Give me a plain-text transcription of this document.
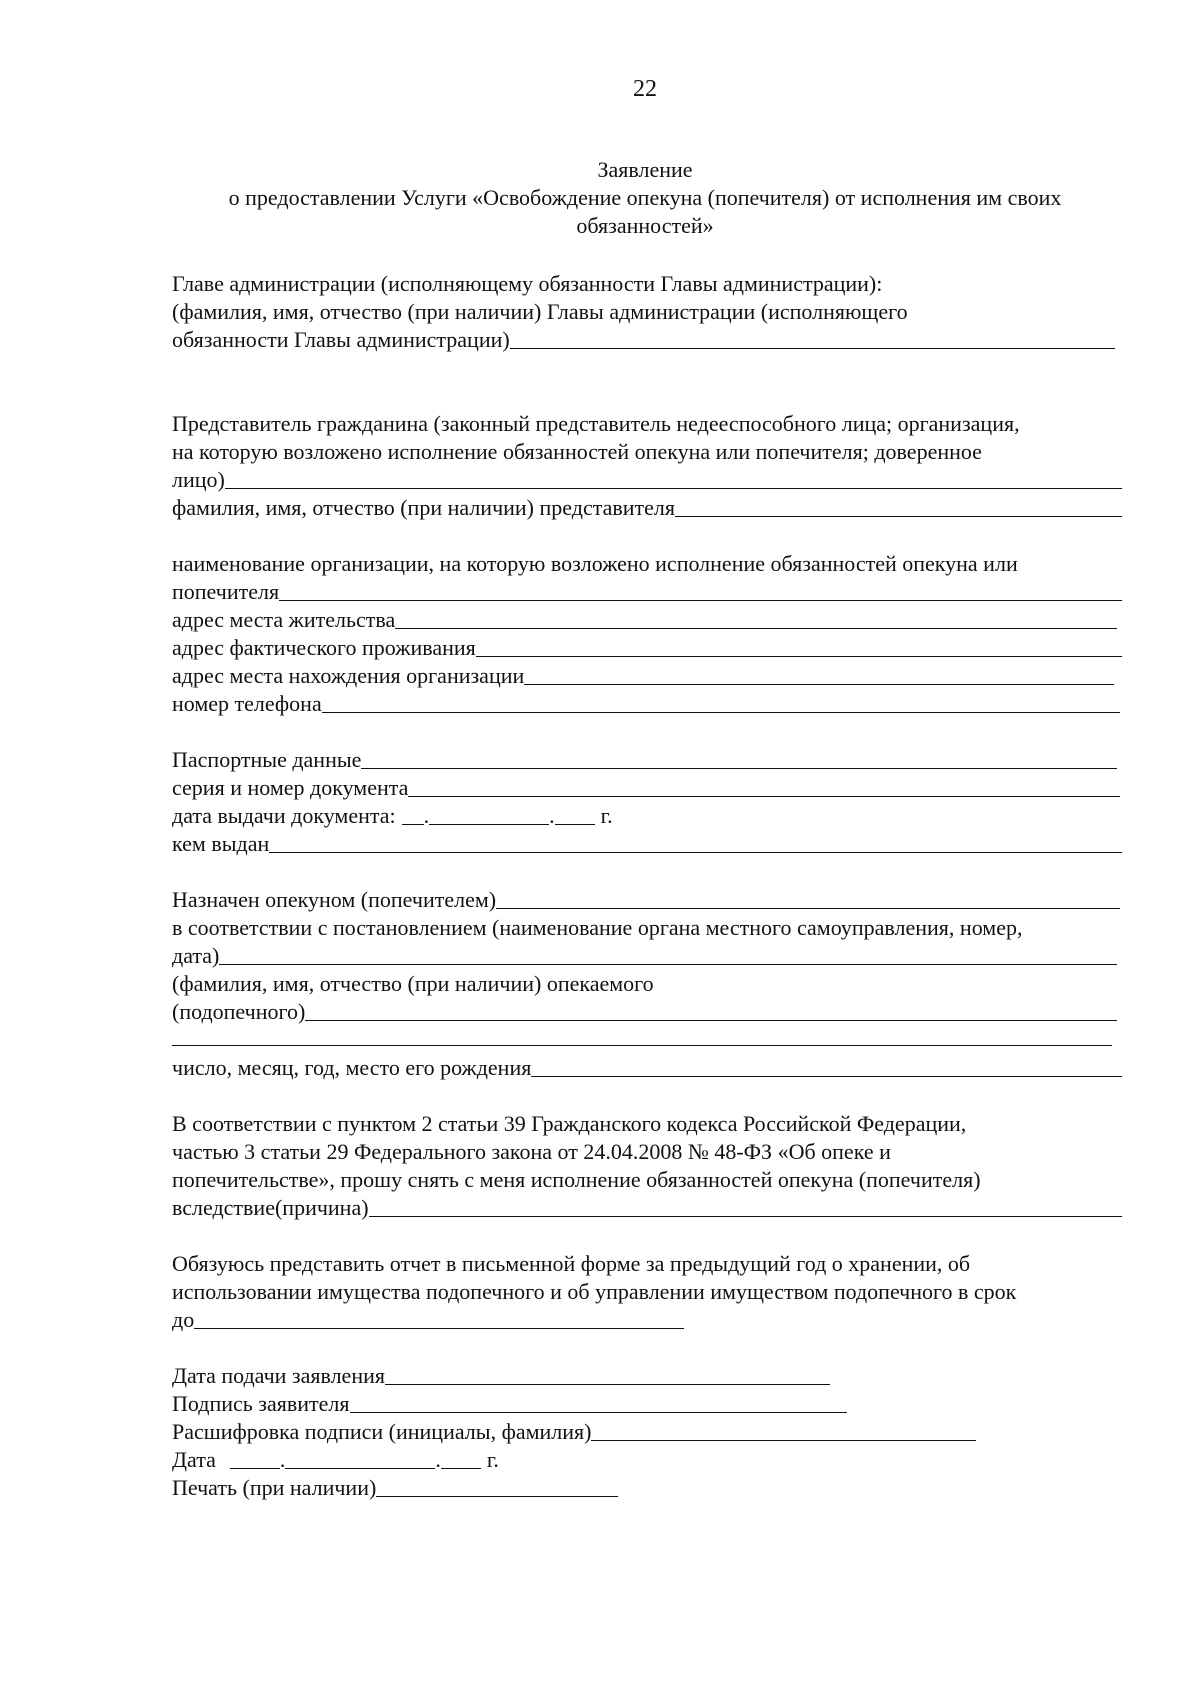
22
Заявление
о предоставлении Услуги «Освобождение опекуна (попечителя) от исполнения им своих
обязанностей»
Главе администрации (исполняющему обязанности Главы администрации):
(фамилия, имя, отчество (при наличии) Главы администрации (исполняющего
обязанности Главы администрации)
Представитель гражданина (законный представитель недееспособного лица; организация,
на которую возложено исполнение обязанностей опекуна или попечителя; доверенное
лицо)
фамилия, имя, отчество (при наличии) представителя
наименование организации, на которую возложено исполнение обязанностей опекуна или
попечителя
адрес места жительства
адрес фактического проживания
адрес места нахождения организации
номер телефона
Паспортные данные
серия и номер документа
дата выдачи документа: .	. г.
кем выдан
Назначен опекуном (попечителем)
в соответствии с постановлением (наименование органа местного самоуправления, номер,
дата)
(фамилия, имя, отчество (при наличии) опекаемого
(подопечного)
число, месяц, год, место его рождения
В соответствии с пунктом 2 статьи 39 Гражданского кодекса Российской Федерации,
частью 3 статьи 29 Федерального закона от 24.04.2008 № 48-ФЗ «Об опеке и
попечительстве», прошу снять с меня исполнение обязанностей опекуна (попечителя)
вследствие(причина)
Обязуюсь представить отчет в письменной форме за предыдущий год о хранении, об
использовании имущества подопечного и об управлении имуществом подопечного в срок
до
Дата подачи заявления
Подпись заявителя
Расшифровка подписи (инициалы, фамилия)
Дата	.	. г.
Печать (при наличии)
